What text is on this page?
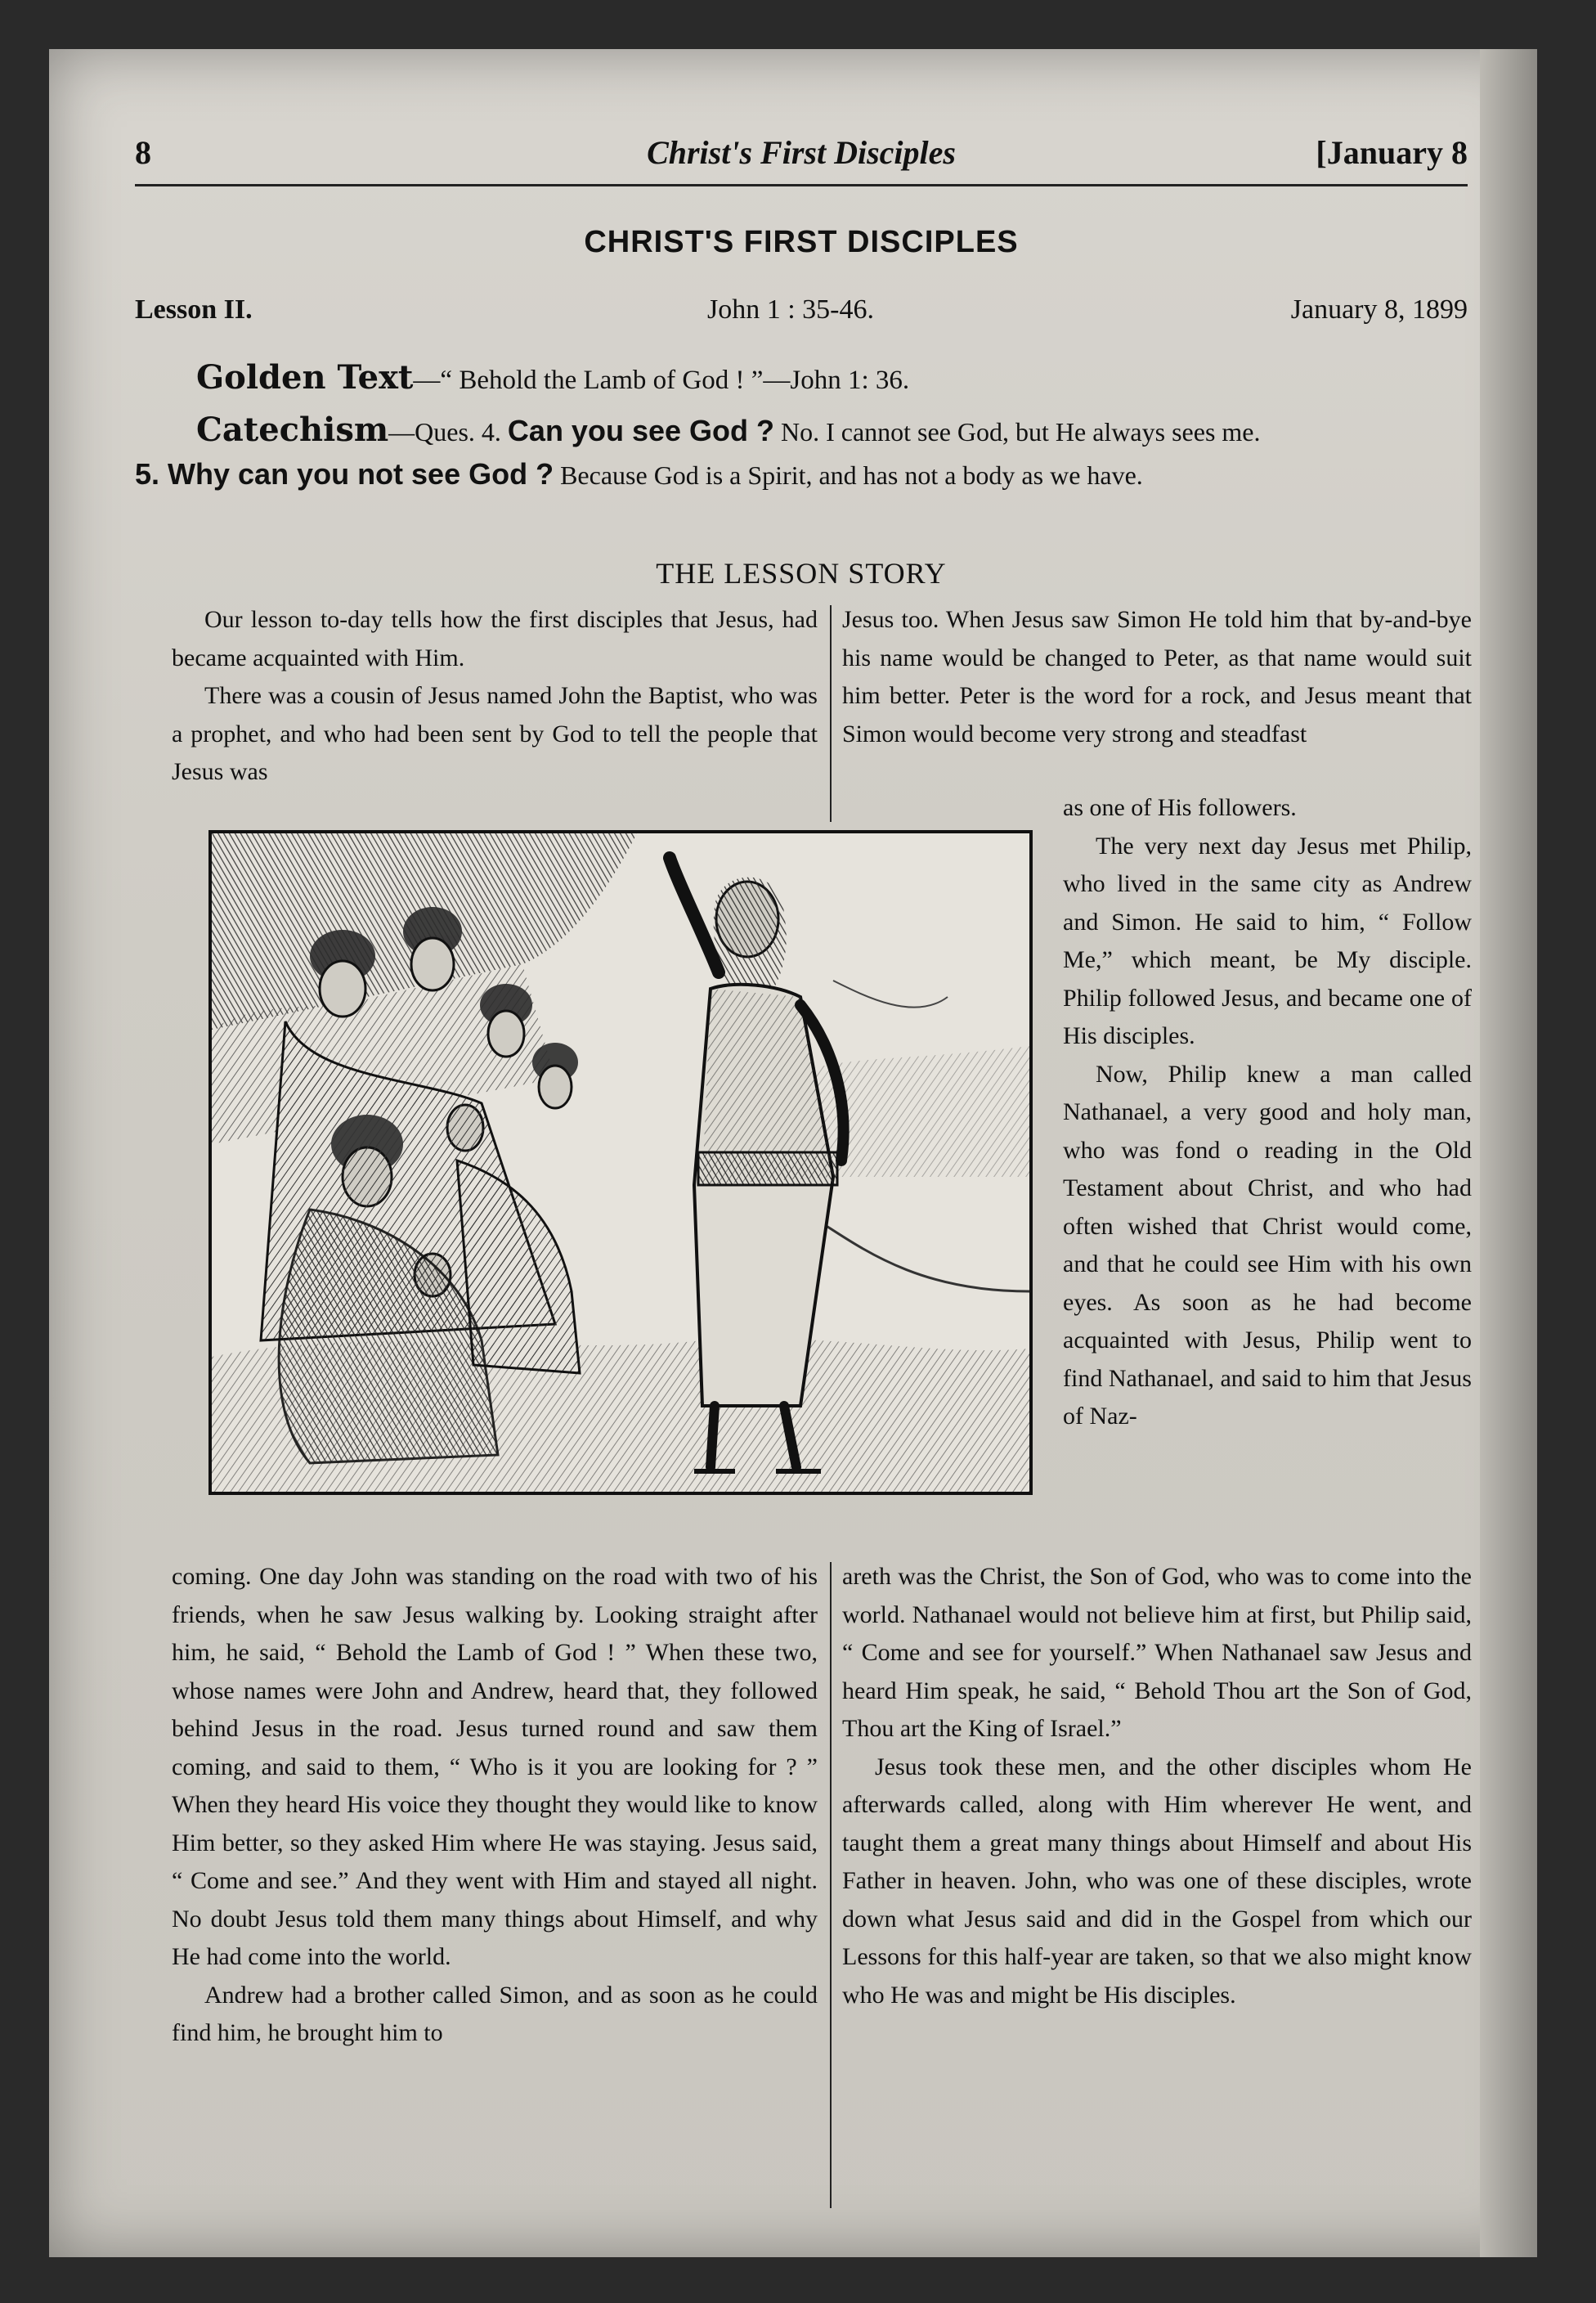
8	Christ's First Disciples	[January 8
CHRIST'S FIRST DISCIPLES
Lesson II.	John 1 : 35-46.	January 8, 1899
Golden Text—“ Behold the Lamb of God ! ”—John 1: 36.
Catechism—Ques. 4. Can you see God ? No. I cannot see God, but He always sees me.
5. Why can you not see God ? Because God is a Spirit, and has not a body as we have.
THE LESSON STORY

Our lesson to-day tells how the first disciples that Jesus, had became acquainted with Him.

There was a cousin of Jesus named John the Baptist, who was a prophet, and who had been sent by God to tell the people that Jesus was

Jesus too. When Jesus saw Simon He told him that by-and-bye his name would be changed to Peter, as that name would suit him better. Peter is the word for a rock, and Jesus meant that Simon would become very strong and steadfast

as one of His followers.

The very next day Jesus met Philip, who lived in the same city as Andrew and Simon. He said to him, “ Follow Me,” which meant, be My disciple. Philip followed Jesus, and became one of His disciples.

Now, Philip knew a man called Nathanael, a very good and holy man, who was fond o reading in the Old Testament about Christ, and who had often wished that Christ would come, and that he could see Him with his own eyes. As soon as he had become acquainted with Jesus, Philip went to find Nathanael, and said to him that Jesus of Naz-

coming. One day John was standing on the road with two of his friends, when he saw Jesus walking by. Looking straight after him, he said, “ Behold the Lamb of God ! ” When these two, whose names were John and Andrew, heard that, they followed behind Jesus in the road. Jesus turned round and saw them coming, and said to them, “ Who is it you are looking for ? ” When they heard His voice they thought they would like to know Him better, so they asked Him where He was staying. Jesus said, “ Come and see.” And they went with Him and stayed all night. No doubt Jesus told them many things about Himself, and why He had come into the world.

Andrew had a brother called Simon, and as soon as he could find him, he brought him to

areth was the Christ, the Son of God, who was to come into the world. Nathanael would not believe him at first, but Philip said, “ Come and see for yourself.” When Nathanael saw Jesus and heard Him speak, he said, “ Behold Thou art the Son of God, Thou art the King of Israel.”

Jesus took these men, and the other disciples whom He afterwards called, along with Him wherever He went, and taught them a great many things about Himself and about His Father in heaven. John, who was one of these disciples, wrote down what Jesus said and did in the Gospel from which our Lessons for this half-year are taken, so that we also might know who He was and might be His disciples.
